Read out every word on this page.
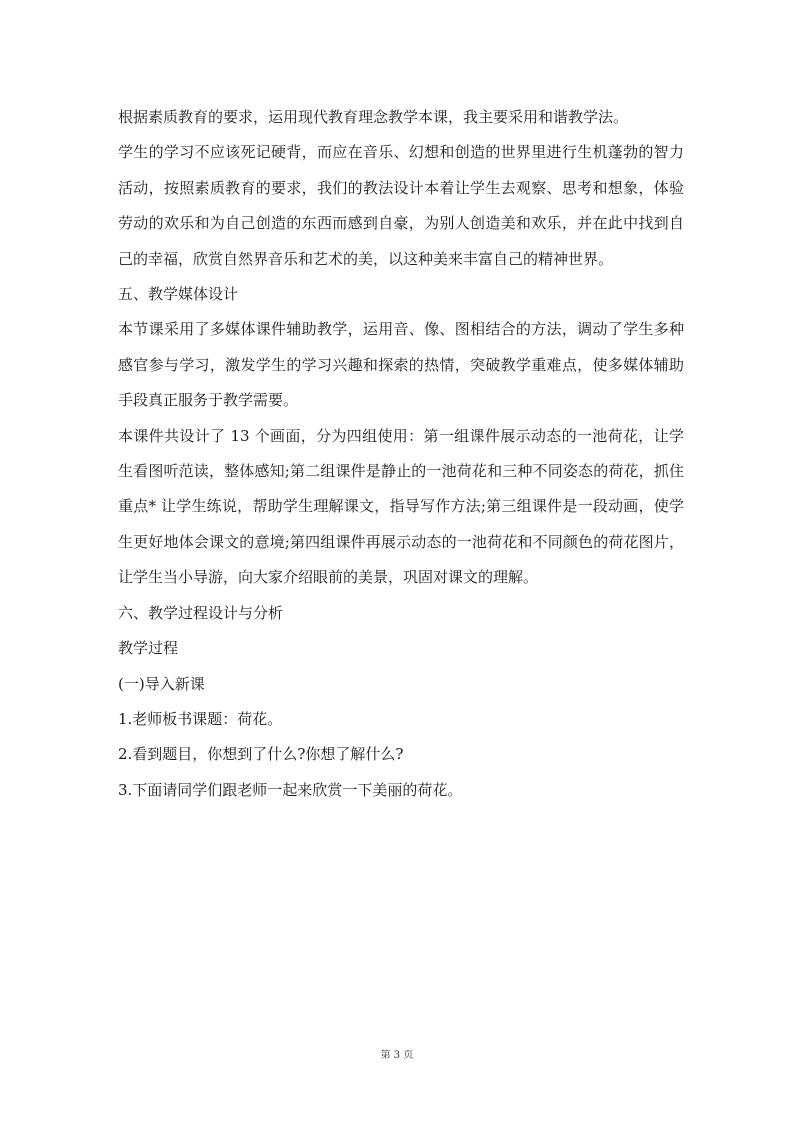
根据素质教育的要求，运用现代教育理念教学本课，我主要采用和谐教学法。

学生的学习不应该死记硬背，而应在音乐、幻想和创造的世界里进行生机蓬勃的智力活动，按照素质教育的要求，我们的教法设计本着让学生去观察、思考和想象，体验劳动的欢乐和为自己创造的东西而感到自豪，为别人创造美和欢乐，并在此中找到自己的幸福，欣赏自然界音乐和艺术的美，以这种美来丰富自己的精神世界。

五、教学媒体设计

本节课采用了多媒体课件辅助教学，运用音、像、图相结合的方法，调动了学生多种感官参与学习，激发学生的学习兴趣和探索的热情，突破教学重难点，使多媒体辅助手段真正服务于教学需要。

本课件共设计了 13 个画面，分为四组使用：第一组课件展示动态的一池荷花，让学生看图听范读，整体感知;第二组课件是静止的一池荷花和三种不同姿态的荷花，抓住重点* 让学生练说，帮助学生理解课文，指导写作方法;第三组课件是一段动画，使学生更好地体会课文的意境;第四组课件再展示动态的一池荷花和不同颜色的荷花图片，让学生当小导游，向大家介绍眼前的美景，巩固对课文的理解。

六、教学过程设计与分析

教学过程

(一)导入新课

1.老师板书课题：荷花。

2.看到题目，你想到了什么?你想了解什么?

3.下面请同学们跟老师一起来欣赏一下美丽的荷花。

第 3 页
